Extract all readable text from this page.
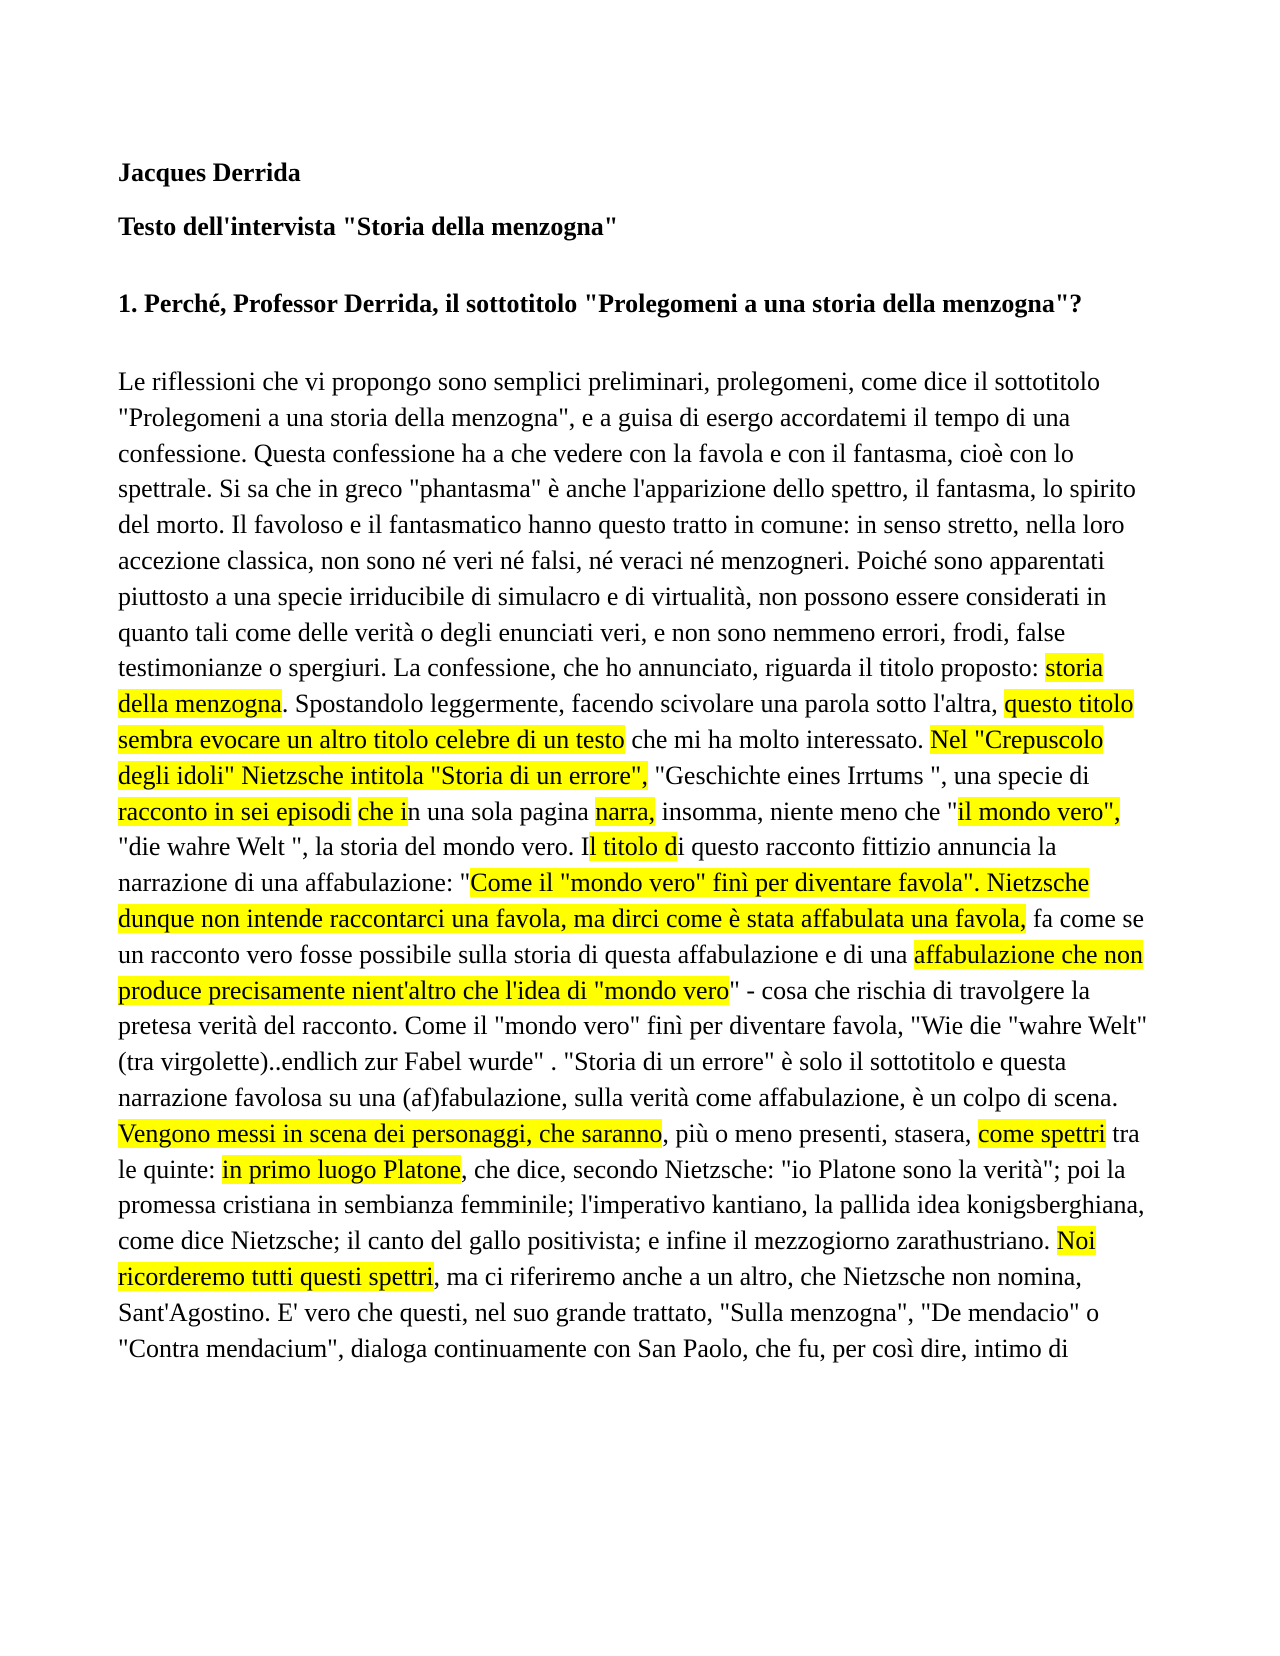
Jacques Derrida
Testo dell'intervista "Storia della menzogna"
1. Perché, Professor Derrida, il sottotitolo "Prolegomeni a una storia della menzogna"?

Le riflessioni che vi propongo sono semplici preliminari, prolegomeni, come dice il sottotitolo "Prolegomeni a una storia della menzogna", e a guisa di esergo accordatemi il tempo di una confessione. Questa confessione ha a che vedere con la favola e con il fantasma, cioè con lo spettrale. Si sa che in greco "phantasma" è anche l'apparizione dello spettro, il fantasma, lo spirito del morto. Il favoloso e il fantasmatico hanno questo tratto in comune: in senso stretto, nella loro accezione classica, non sono né veri né falsi, né veraci né menzogneri. Poiché sono apparentati piuttosto a una specie irriducibile di simulacro e di virtualità, non possono essere considerati in quanto tali come delle verità o degli enunciati veri, e non sono nemmeno errori, frodi, false testimonianze o spergiuri. La confessione, che ho annunciato, riguarda il titolo proposto: storia della menzogna. Spostandolo leggermente, facendo scivolare una parola sotto l'altra, questo titolo sembra evocare un altro titolo celebre di un testo che mi ha molto interessato. Nel "Crepuscolo degli idoli" Nietzsche intitola "Storia di un errore", "Geschichte eines Irrtums ", una specie di racconto in sei episodi che in una sola pagina narra, insomma, niente meno che "il mondo vero", "die wahre Welt ", la storia del mondo vero. Il titolo di questo racconto fittizio annuncia la narrazione di una affabulazione: "Come il "mondo vero" finì per diventare favola". Nietzsche dunque non intende raccontarci una favola, ma dirci come è stata affabulata una favola, fa come se un racconto vero fosse possibile sulla storia di questa affabulazione e di una affabulazione che non produce precisamente nient'altro che l'idea di "mondo vero" - cosa che rischia di travolgere la pretesa verità del racconto. Come il "mondo vero" finì per diventare favola, "Wie die "wahre Welt" (tra virgolette)..endlich zur Fabel wurde" . "Storia di un errore" è solo il sottotitolo e questa narrazione favolosa su una (af)fabulazione, sulla verità come affabulazione, è un colpo di scena. Vengono messi in scena dei personaggi, che saranno, più o meno presenti, stasera, come spettri tra le quinte: in primo luogo Platone, che dice, secondo Nietzsche: "io Platone sono la verità"; poi la promessa cristiana in sembianza femminile; l'imperativo kantiano, la pallida idea konigsberghiana, come dice Nietzsche; il canto del gallo positivista; e infine il mezzogiorno zarathustriano. Noi ricorderemo tutti questi spettri, ma ci riferiremo anche a un altro, che Nietzsche non nomina, Sant'Agostino. E' vero che questi, nel suo grande trattato, "Sulla menzogna", "De mendacio" o "Contra mendacium", dialoga continuamente con San Paolo, che fu, per così dire, intimo di
